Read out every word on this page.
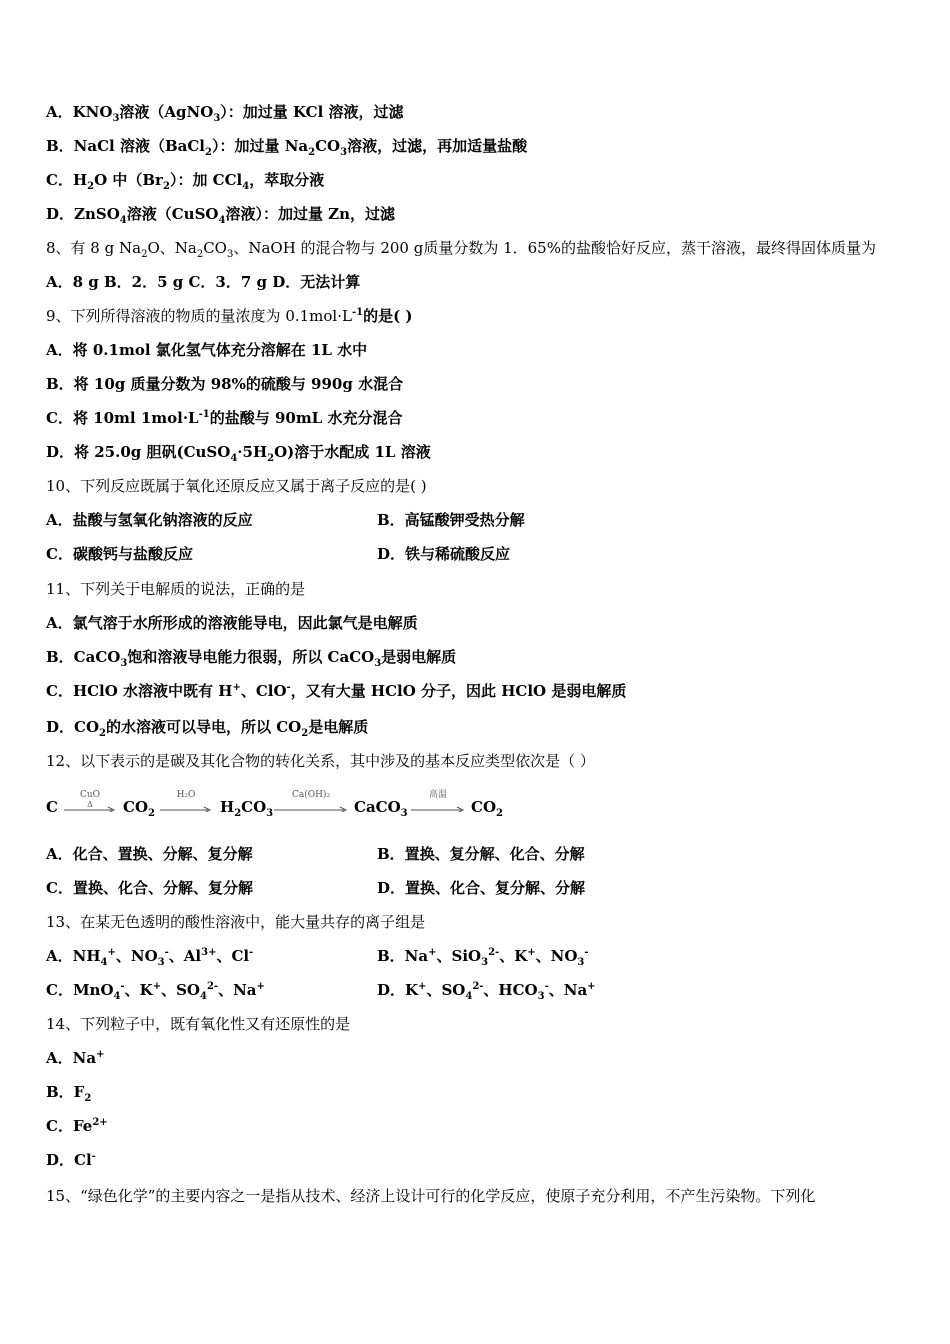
A．$KNO_3$溶液（AgNO$_3$）：加过量 KCl 溶液，过滤
B．NaCl 溶液（BaCl$_2$）：加过量 $Na_2CO_3$溶液，过滤，再加适量盐酸
C．$H_2O$ 中$(Br_2)$：加 CCl$_4$，萃取分液
D．ZnSO$_4$溶液（CuSO$_4$溶液）：加过量 Zn，过滤
8、有 8 g $Na_2O$、$Na_2CO_3$、NaOH 的混合物与 200 g质量分数为 1．65%的盐酸恰好反应，蒸干溶液，最终得固体质量为
A．8 g B．2．5 g C．3．7 g D．无法计算
9、下列所得溶液的物质的量浓度为 $0.1mol\cdot L^{-1}$的是( )
A．将 0.1mol 氯化氢气体充分溶解在 1L 水中
B．将 10g 质量分数为 98%的硫酸与 990g 水混合
C．将 10ml $1mol\cdot L^{-1}$的盐酸与 90mL 水充分混合
D．将 25.0g 胆矾$(CuSO_4\cdot 5H_2O)$溶于水配成 1L 溶液
10、下列反应既属于氧化还原反应又属于离子反应的是( )
A．盐酸与氢氧化钠溶液的反应	B．高锰酸钾受热分解
C．碳酸钙与盐酸反应	D．铁与稀硫酸反应
11、下列关于电解质的说法，正确的是
A．氯气溶于水所形成的溶液能导电，因此氯气是电解质
B．CaCO$_3$饱和溶液导电能力很弱，所以 CaCO$_3$是弱电解质
C．HClO 水溶液中既有 H+、ClO-，又有大量 HClO 分子，因此 HClO 是弱电解质
D．$CO_2$的水溶液可以导电，所以 $CO_2$是电解质
12、以下表示的是碳及其化合物的转化关系，其中涉及的基本反应类型依次是（ ）
C
CuO
Δ	$CO_2$
H₂O
$H_2CO_3$
Ca(OH)₂
CaCO$_3$
高温
$CO_2$
A．化合、置换、分解、复分解	B．置换、复分解、化合、分解
C．置换、化合、分解、复分解	D．置换、化合、复分解、分解
13、在某无色透明的酸性溶液中，能大量共存的离子组是
A．$NH_4^+$、$NO_3^-$、$Al^{3+}$、Cl-	B．Na+、SiO$_3^{2-}$、K+、$NO_3^-$
C．MnO$_4$-、K+、$SO_4^{2-}$、Na+	D．K+、$SO_4^{2-}$、$HCO_3^-$、Na+
14、下列粒子中，既有氧化性又有还原性的是
A．Na+
B．$F_2$
C．$Fe^{2+}$
D．Cl-
15、“绿色化学”的主要内容之一是指从技术、经济上设计可行的化学反应，使原子充分利用，不产生污染物。下列化
